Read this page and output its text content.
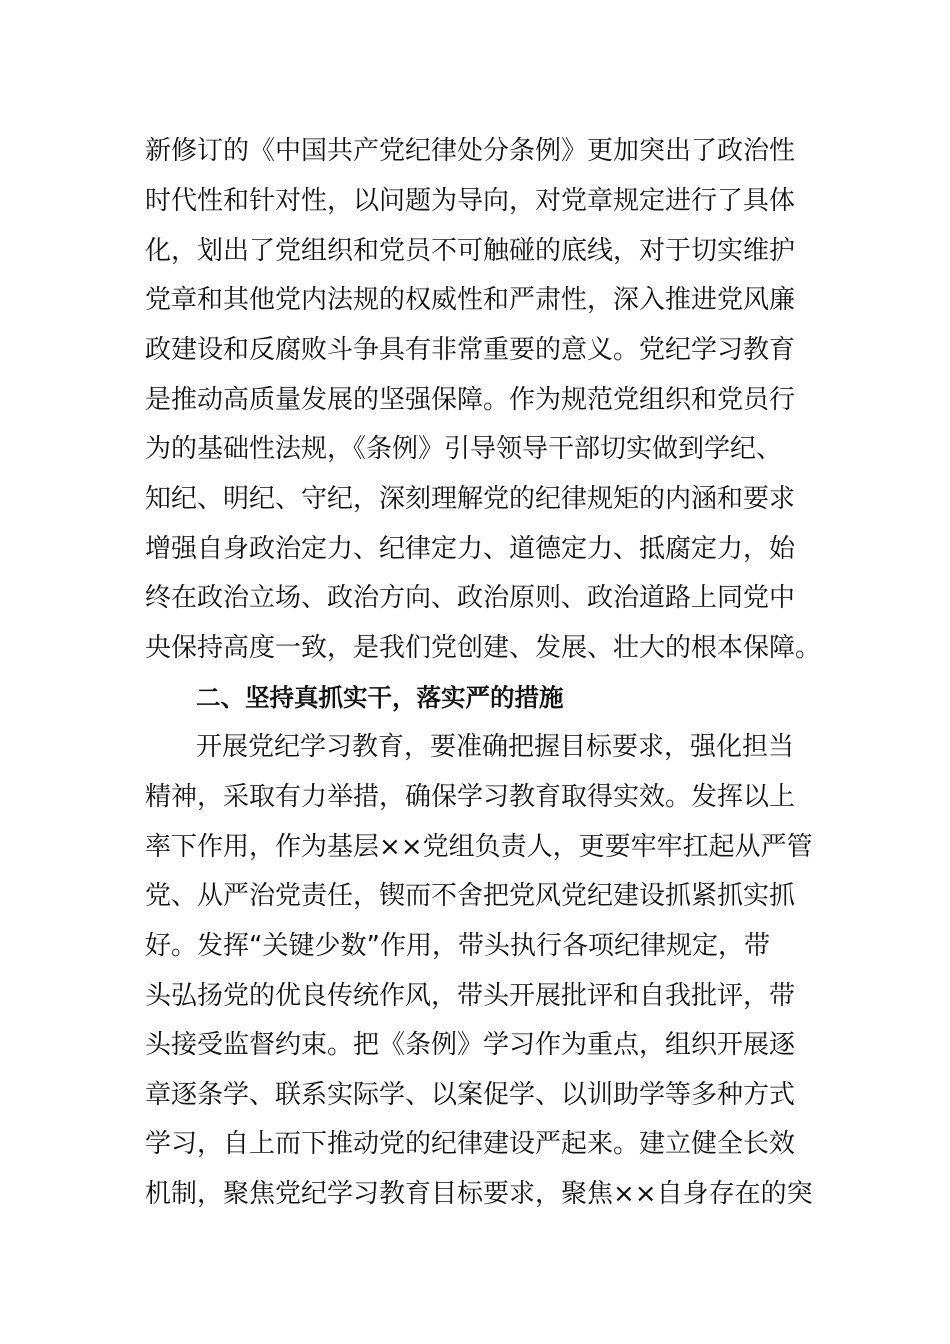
新修订的《中国共产党纪律处分条例》更加突出了政治性
时代性和针对性，以问题为导向，对党章规定进行了具体
化，划出了党组织和党员不可触碰的底线，对于切实维护
党章和其他党内法规的权威性和严肃性，深入推进党风廉
政建设和反腐败斗争具有非常重要的意义。党纪学习教育
是推动高质量发展的坚强保障。作为规范党组织和党员行
为的基础性法规，《条例》引导领导干部切实做到学纪、
知纪、明纪、守纪，深刻理解党的纪律规矩的内涵和要求
增强自身政治定力、纪律定力、道德定力、抵腐定力，始
终在政治立场、政治方向、政治原则、政治道路上同党中
央保持高度一致，是我们党创建、发展、壮大的根本保障。
二、坚持真抓实干，落实严的措施
开展党纪学习教育，要准确把握目标要求，强化担当
精神，采取有力举措，确保学习教育取得实效。发挥以上
率下作用，作为基层××党组负责人，更要牢牢扛起从严管
党、从严治党责任，锲而不舍把党风党纪建设抓紧抓实抓
好。发挥“关键少数”作用，带头执行各项纪律规定，带
头弘扬党的优良传统作风，带头开展批评和自我批评，带
头接受监督约束。把《条例》学习作为重点，组织开展逐
章逐条学、联系实际学、以案促学、以训助学等多种方式
学习，自上而下推动党的纪律建设严起来。建立健全长效
机制，聚焦党纪学习教育目标要求，聚焦××自身存在的突
